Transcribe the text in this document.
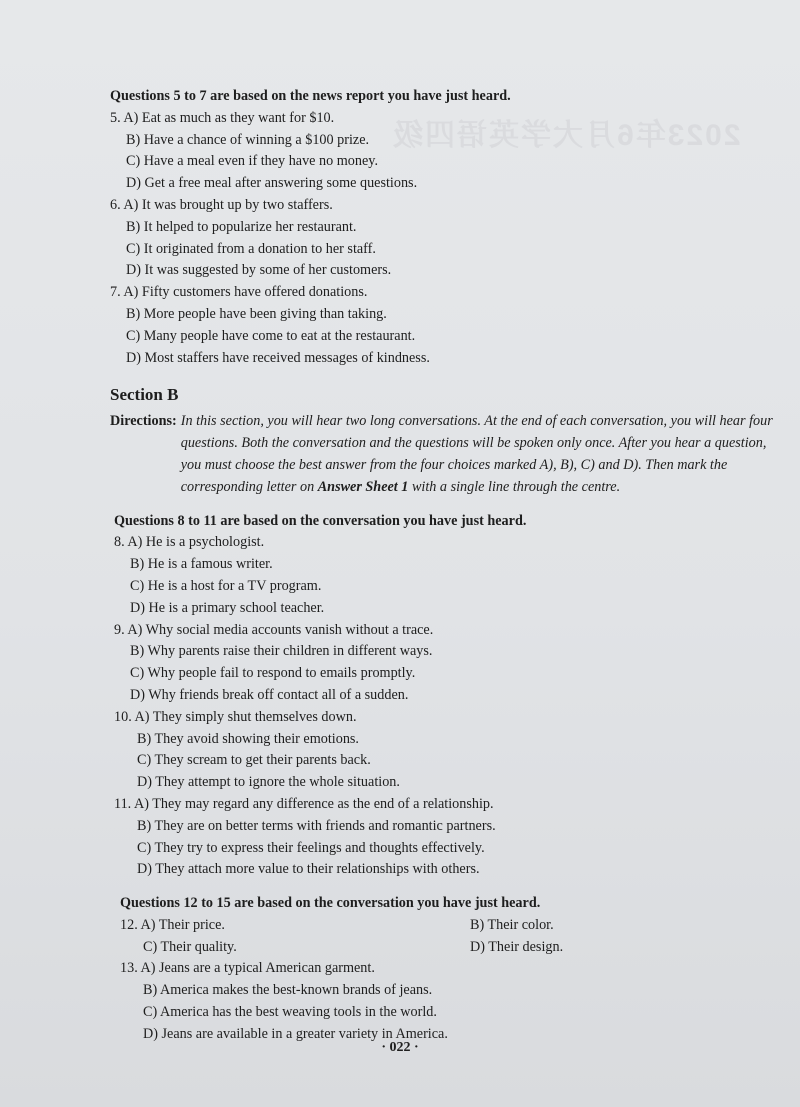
2023年6月大学英语四级
Questions 5 to 7 are based on the news report you have just heard.
5. A) Eat as much as they want for $10.
B) Have a chance of winning a $100 prize.
C) Have a meal even if they have no money.
D) Get a free meal after answering some questions.
6. A) It was brought up by two staffers.
B) It helped to popularize her restaurant.
C) It originated from a donation to her staff.
D) It was suggested by some of her customers.
7. A) Fifty customers have offered donations.
B) More people have been giving than taking.
C) Many people have come to eat at the restaurant.
D) Most staffers have received messages of kindness.
Section B
Directions: In this section, you will hear two long conversations. At the end of each conversation, you will hear four questions. Both the conversation and the questions will be spoken only once. After you hear a question, you must choose the best answer from the four choices marked A), B), C) and D). Then mark the corresponding letter on Answer Sheet 1 with a single line through the centre.
Questions 8 to 11 are based on the conversation you have just heard.
8. A) He is a psychologist.
B) He is a famous writer.
C) He is a host for a TV program.
D) He is a primary school teacher.
9. A) Why social media accounts vanish without a trace.
B) Why parents raise their children in different ways.
C) Why people fail to respond to emails promptly.
D) Why friends break off contact all of a sudden.
10. A) They simply shut themselves down.
B) They avoid showing their emotions.
C) They scream to get their parents back.
D) They attempt to ignore the whole situation.
11. A) They may regard any difference as the end of a relationship.
B) They are on better terms with friends and romantic partners.
C) They try to express their feelings and thoughts effectively.
D) They attach more value to their relationships with others.
Questions 12 to 15 are based on the conversation you have just heard.
12. A) Their price.	B) Their color.
C) Their quality.	D) Their design.
13. A) Jeans are a typical American garment.
B) America makes the best-known brands of jeans.
C) America has the best weaving tools in the world.
D) Jeans are available in a greater variety in America.
· 022 ·
